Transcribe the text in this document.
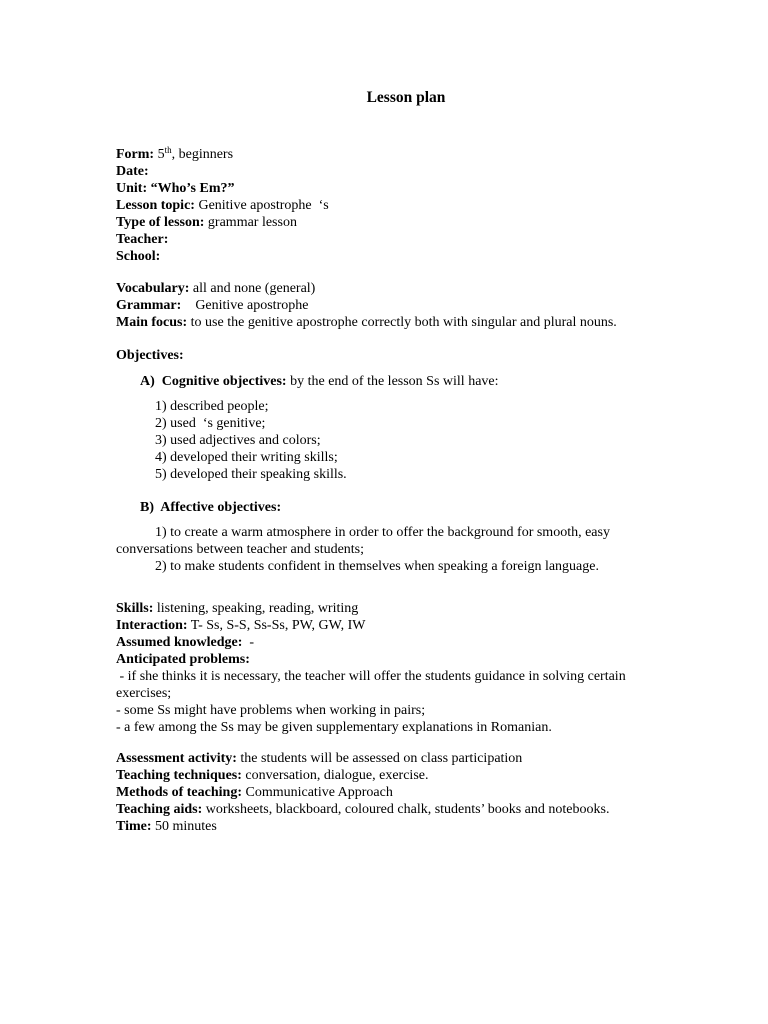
Lesson plan
Form: 5th, beginners
Date:
Unit: “Who’s Em?”
Lesson topic: Genitive apostrophe  ‘s
Type of lesson: grammar lesson
Teacher:
School:
Vocabulary: all and none (general)
Grammar: Genitive apostrophe
Main focus: to use the genitive apostrophe correctly both with singular and plural nouns.
Objectives:
A) Cognitive objectives: by the end of the lesson Ss will have:
1) described people;
2) used  ‘s genitive;
3) used adjectives and colors;
4) developed their writing skills;
5) developed their speaking skills.
B) Affective objectives:
1) to create a warm atmosphere in order to offer the background for smooth, easy
conversations between teacher and students;
2) to make students confident in themselves when speaking a foreign language.
Skills: listening, speaking, reading, writing
Interaction: T- Ss, S-S, Ss-Ss, PW, GW, IW
Assumed knowledge: -
Anticipated problems:
- if she thinks it is necessary, the teacher will offer the students guidance in solving certain
exercises;
- some Ss might have problems when working in pairs;
- a few among the Ss may be given supplementary explanations in Romanian.
Assessment activity: the students will be assessed on class participation
Teaching techniques: conversation, dialogue, exercise.
Methods of teaching: Communicative Approach
Teaching aids: worksheets, blackboard, coloured chalk, students’ books and notebooks.
Time: 50 minutes
